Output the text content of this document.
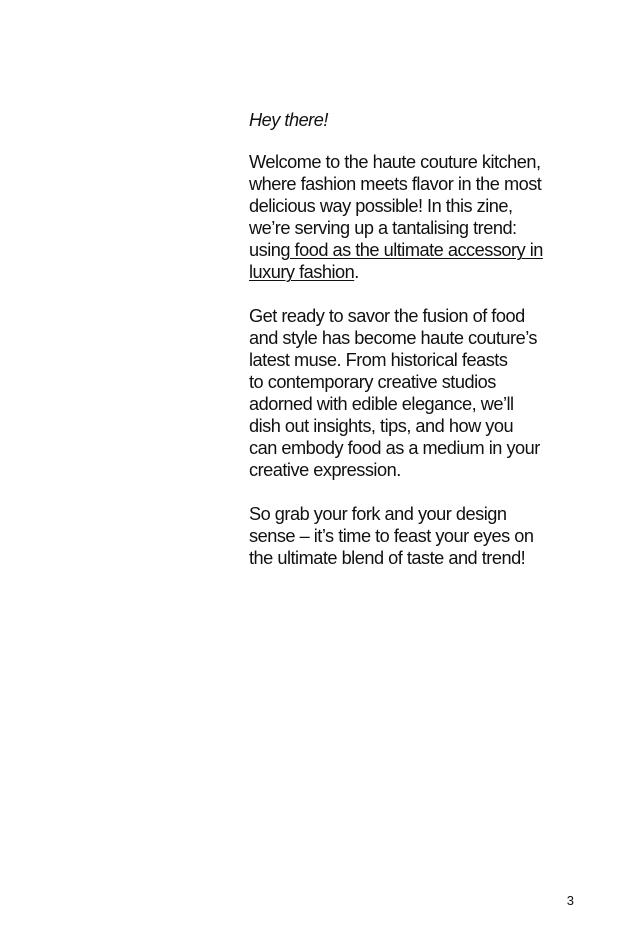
Hey there!

Welcome to the haute couture kitchen,
where fashion meets flavor in the most
delicious way possible! In this zine,
we’re serving up a tantalising trend:
using food as the ultimate accessory in
luxury fashion.

Get ready to savor the fusion of food
and style has become haute couture’s
latest muse. From historical feasts
to contemporary creative studios
adorned with edible elegance, we’ll
dish out insights, tips, and how you
can embody food as a medium in your
creative expression.

So grab your fork and your design
sense – it’s time to feast your eyes on
the ultimate blend of taste and trend!

3
